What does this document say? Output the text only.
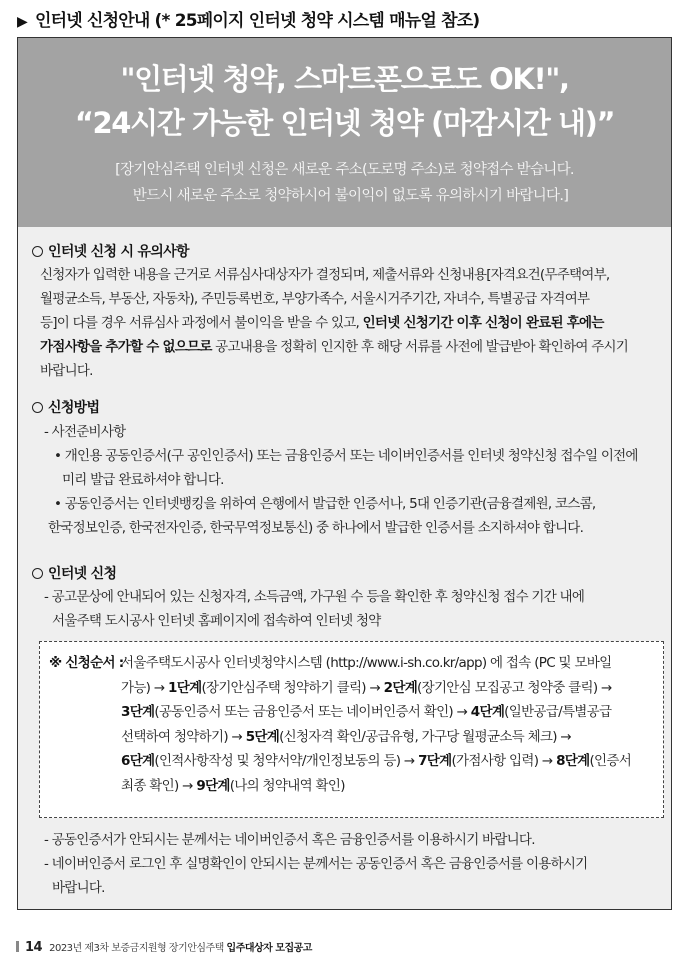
▶ 인터넷 신청안내 (* 25페이지 인터넷 청약 시스템 매뉴얼 참조)
"인터넷 청약, 스마트폰으로도 OK!",
“24시간 가능한 인터넷 청약 (마감시간 내)”
[장기안심주택 인터넷 신청은 새로운 주소(도로명 주소)로 청약접수 받습니다.
반드시 새로운 주소로 청약하시어 불이익이 없도록 유의하시기 바랍니다.]
인터넷 신청 시 유의사항
신청자가 입력한 내용을 근거로 서류심사대상자가 결정되며, 제출서류와 신청내용[자격요건(무주택여부,
월평균소득, 부동산, 자동차), 주민등록번호, 부양가족수, 서울시거주기간, 자녀수, 특별공급 자격여부
등]이 다를 경우 서류심사 과정에서 불이익을 받을 수 있고, 인터넷 신청기간 이후 신청이 완료된 후에는
가점사항을 추가할 수 없으므로 공고내용을 정확히 인지한 후 해당 서류를 사전에 발급받아 확인하여 주시기
바랍니다.
신청방법
- 사전준비사항
• 개인용 공동인증서(구 공인인증서) 또는 금융인증서 또는 네이버인증서를 인터넷 청약신청 접수일 이전에
미리 발급 완료하셔야 합니다.
• 공동인증서는 인터넷뱅킹을 위하여 은행에서 발급한 인증서나, 5대 인증기관(금융결제원, 코스콤,
한국정보인증, 한국전자인증, 한국무역정보통신) 중 하나에서 발급한 인증서를 소지하셔야 합니다.
인터넷 신청
- 공고문상에 안내되어 있는 신청자격, 소득금액, 가구원 수 등을 확인한 후 청약신청 접수 기간 내에
서울주택 도시공사 인터넷 홈페이지에 접속하여 인터넷 청약
※ 신청순서 :
서울주택도시공사 인터넷청약시스템 (http://www.i-sh.co.kr/app) 에 접속 (PC 및 모바일
가능) → 1단계(장기안심주택 청약하기 클릭) → 2단계(장기안심 모집공고 청약중 클릭) →
3단계(공동인증서 또는 금융인증서 또는 네이버인증서 확인) → 4단계(일반공급/특별공급
선택하여 청약하기) → 5단계(신청자격 확인/공급유형, 가구당 월평균소득 체크) →
6단계(인적사항작성 및 청약서약/개인정보동의 등) → 7단계(가점사항 입력) → 8단계(인증서
최종 확인) → 9단계(나의 청약내역 확인)
- 공동인증서가 안되시는 분께서는 네이버인증서 혹은 금융인증서를 이용하시기 바랍니다.
- 네이버인증서 로그인 후 실명확인이 안되시는 분께서는 공동인증서 혹은 금융인증서를 이용하시기
바랍니다.
14 2023년 제3차 보증금지원형 장기안심주택 입주대상자 모집공고
